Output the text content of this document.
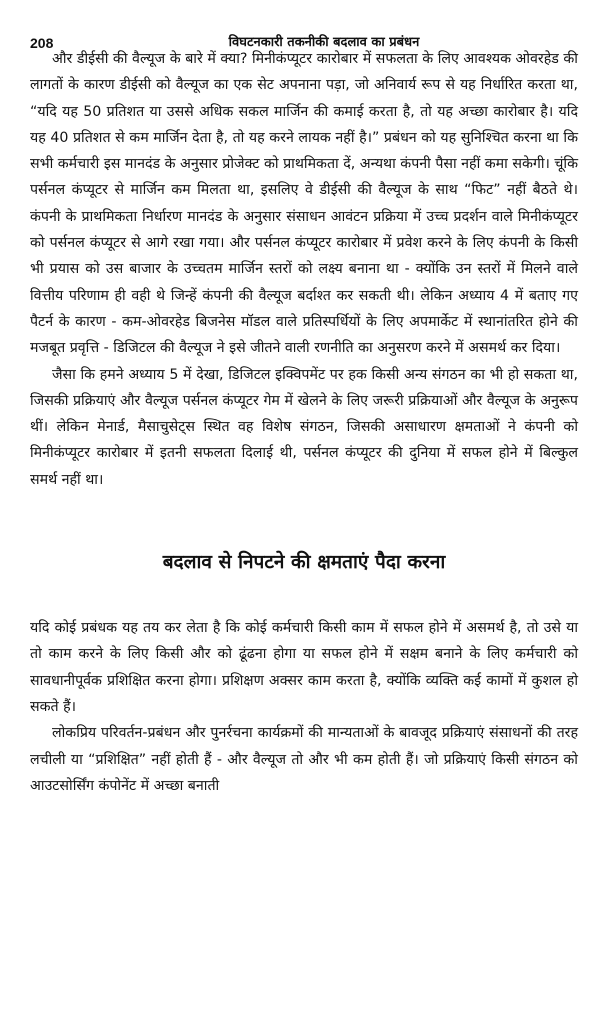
208	विघटनकारी तकनीकी बदलाव का प्रबंधन

और डीईसी की वैल्यूज के बारे में क्या? मिनीकंप्यूटर कारोबार में सफलता के लिए आवश्यक ओवरहेड की लागतों के कारण डीईसी को वैल्यूज का एक सेट अपनाना पड़ा, जो अनिवार्य रूप से यह निर्धारित करता था, “यदि यह 50 प्रतिशत या उससे अधिक सकल मार्जिन की कमाई करता है, तो यह अच्छा कारोबार है। यदि यह 40 प्रतिशत से कम मार्जिन देता है, तो यह करने लायक नहीं है।” प्रबंधन को यह सुनिश्चित करना था कि सभी कर्मचारी इस मानदंड के अनुसार प्रोजेक्ट को प्राथमिकता दें, अन्यथा कंपनी पैसा नहीं कमा सकेगी। चूंकि पर्सनल कंप्यूटर से मार्जिन कम मिलता था, इसलिए वे डीईसी की वैल्यूज के साथ “फिट” नहीं बैठते थे। कंपनी के प्राथमिकता निर्धारण मानदंड के अनुसार संसाधन आवंटन प्रक्रिया में उच्च प्रदर्शन वाले मिनीकंप्यूटर को पर्सनल कंप्यूटर से आगे रखा गया। और पर्सनल कंप्यूटर कारोबार में प्रवेश करने के लिए कंपनी के किसी भी प्रयास को उस बाजार के उच्चतम मार्जिन स्तरों को लक्ष्य बनाना था - क्योंकि उन स्तरों में मिलने वाले वित्तीय परिणाम ही वही थे जिन्हें कंपनी की वैल्यूज बर्दाश्त कर सकती थी। लेकिन अध्याय 4 में बताए गए पैटर्न के कारण - कम-ओवरहेड बिजनेस मॉडल वाले प्रतिस्पर्धियों के लिए अपमार्केट में स्थानांतरित होने की मजबूत प्रवृत्ति - डिजिटल की वैल्यूज ने इसे जीतने वाली रणनीति का अनुसरण करने में असमर्थ कर दिया।

जैसा कि हमने अध्याय 5 में देखा, डिजिटल इक्विपमेंट पर हक किसी अन्य संगठन का भी हो सकता था, जिसकी प्रक्रियाएं और वैल्यूज पर्सनल कंप्यूटर गेम में खेलने के लिए जरूरी प्रक्रियाओं और वैल्यूज के अनुरूप थीं। लेकिन मेनार्ड, मैसाचुसेट्स स्थित वह विशेष संगठन, जिसकी असाधारण क्षमताओं ने कंपनी को मिनीकंप्यूटर कारोबार में इतनी सफलता दिलाई थी, पर्सनल कंप्यूटर की दुनिया में सफल होने में बिल्कुल समर्थ नहीं था।

बदलाव से निपटने की क्षमताएं पैदा करना

यदि कोई प्रबंधक यह तय कर लेता है कि कोई कर्मचारी किसी काम में सफल होने में असमर्थ है, तो उसे या तो काम करने के लिए किसी और को ढूंढना होगा या सफल होने में सक्षम बनाने के लिए कर्मचारी को सावधानीपूर्वक प्रशिक्षित करना होगा। प्रशिक्षण अक्सर काम करता है, क्योंकि व्यक्ति कई कामों में कुशल हो सकते हैं।

लोकप्रिय परिवर्तन-प्रबंधन और पुनर्रचना कार्यक्रमों की मान्यताओं के बावजूद प्रक्रियाएं संसाधनों की तरह लचीली या “प्रशिक्षित” नहीं होती हैं - और वैल्यूज तो और भी कम होती हैं। जो प्रक्रियाएं किसी संगठन को आउटसोर्सिंग कंपोनेंट में अच्छा बनाती
